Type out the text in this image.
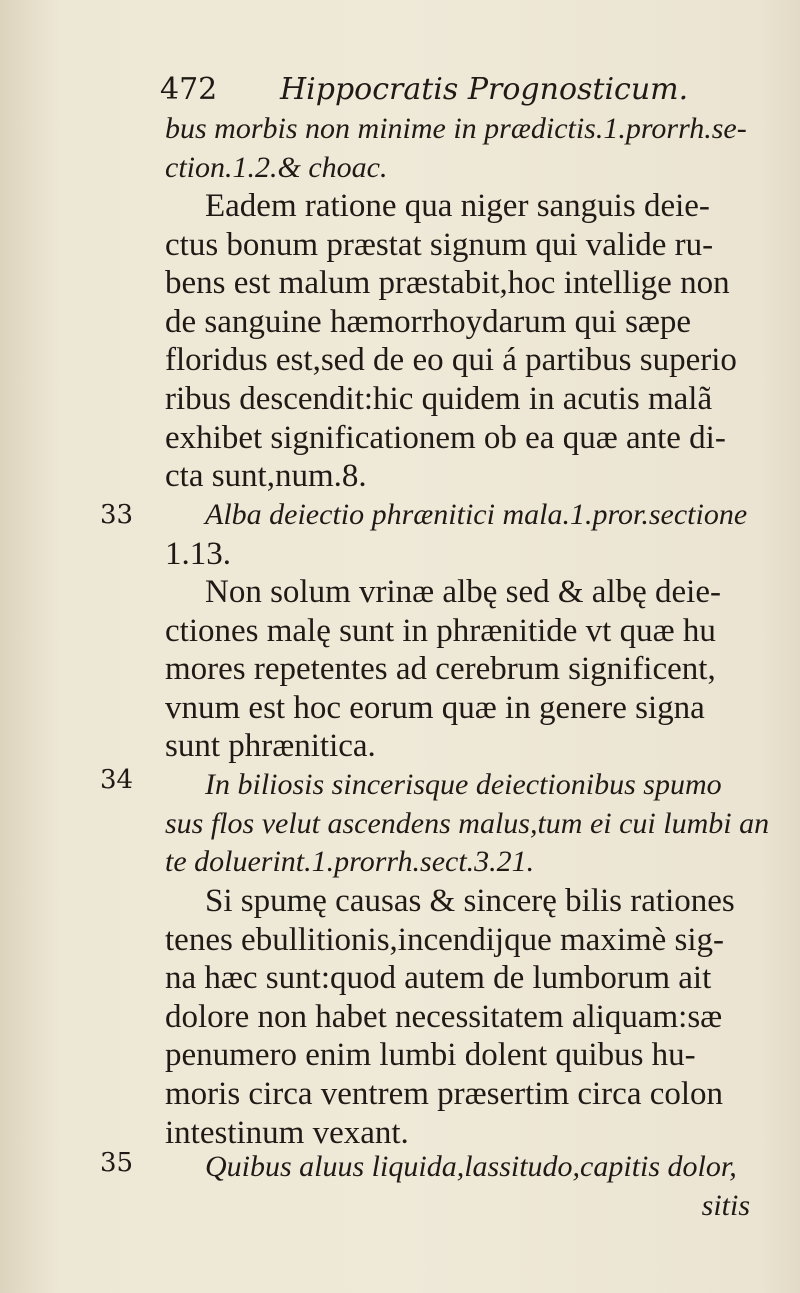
472 Hippocratis Prognosticum.
33
34
35
bus morbis non minime in prædictis.1.prorrh.se-
ction.1.2.& choac.
Eadem ratione qua niger sanguis deie-
ctus bonum præstat signum qui valide ru-
bens est malum præstabit,hoc intellige non
de sanguine hæmorrhoydarum qui sæpe
floridus est,sed de eo qui á partibus superio
ribus descendit:hic quidem in acutis malã
exhibet significationem ob ea quæ ante di-
cta sunt,num.8.
Alba deiectio phrænitici mala.1.pror.sectione
1.13.
Non solum vrinæ albę sed & albę deie-
ctiones malę sunt in phrænitide vt quæ hu
mores repetentes ad cerebrum significent,
vnum est hoc eorum quæ in genere signa
sunt phrænitica.
In biliosis sincerisque deiectionibus spumo
sus flos velut ascendens malus,tum ei cui lumbi an
te doluerint.1.prorrh.sect.3.21.
Si spumę causas & sincerę bilis rationes
tenes ebullitionis,incendijque maximè sig-
na hæc sunt:quod autem de lumborum ait
dolore non habet necessitatem aliquam:sæ
penumero enim lumbi dolent quibus hu-
moris circa ventrem præsertim circa colon
intestinum vexant.
Quibus aluus liquida,lassitudo,capitis dolor,
sitis
